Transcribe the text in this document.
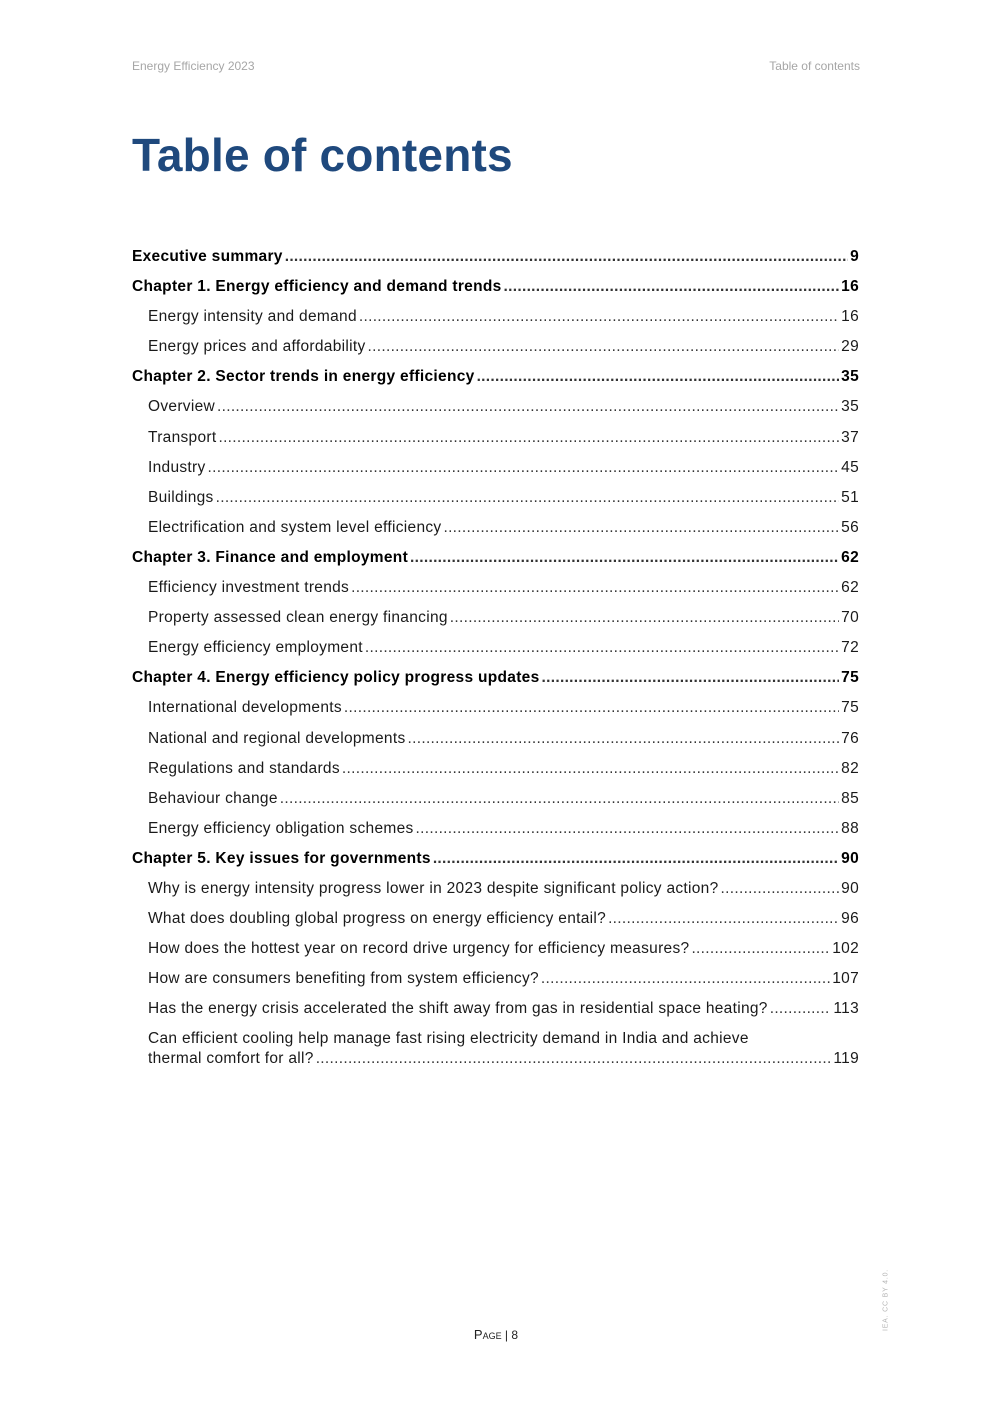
Energy Efficiency 2023	Table of contents
Table of contents
Executive summary .....	9
Chapter 1. Energy efficiency and demand trends .....	16
Energy intensity and demand .....	16
Energy prices and affordability .....	29
Chapter 2. Sector trends in energy efficiency .....	35
Overview .....	35
Transport .....	37
Industry .....	45
Buildings .....	51
Electrification and system level efficiency .....	56
Chapter 3. Finance and employment .....	62
Efficiency investment trends .....	62
Property assessed clean energy financing .....	70
Energy efficiency employment .....	72
Chapter 4. Energy efficiency policy progress updates .....	75
International developments .....	75
National and regional developments .....	76
Regulations and standards .....	82
Behaviour change .....	85
Energy efficiency obligation schemes .....	88
Chapter 5. Key issues for governments .....	90
Why is energy intensity progress lower in 2023 despite significant policy action? .....	90
What does doubling global progress on energy efficiency entail? .....	96
How does the hottest year on record drive urgency for efficiency measures? .....	102
How are consumers benefiting from system efficiency? .....	107
Has the energy crisis accelerated the shift away from gas in residential space heating? .....	113
Can efficient cooling help manage fast rising electricity demand in India and achieve
thermal comfort for all? .....	119
Page | 8
IEA. CC BY 4.0.
